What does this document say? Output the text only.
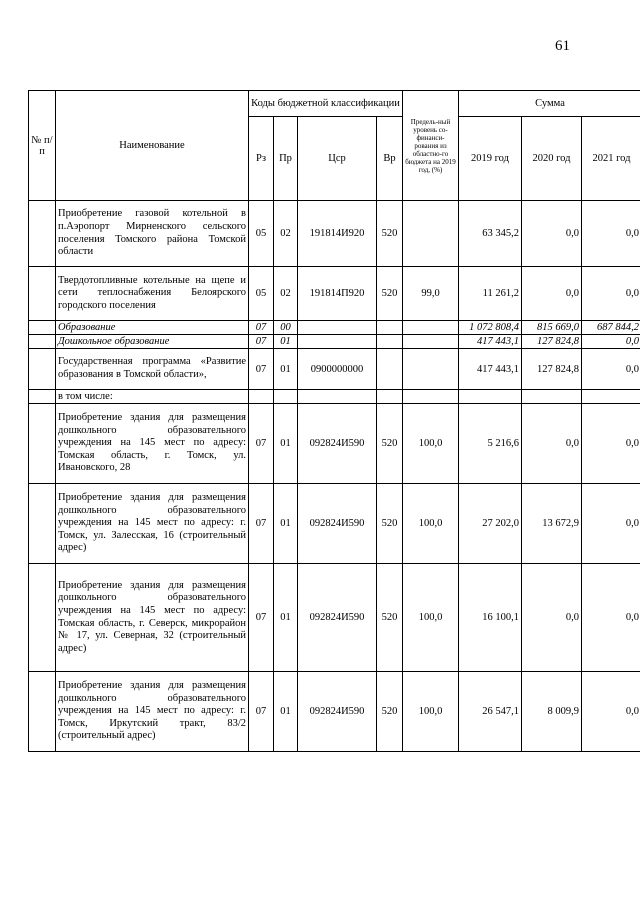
61
№ п/п	Наименование	Коды бюджетной классификации				Предель-ный уровень со-финанси-рования из областно-го бюджета на 2019 год, (%)	Сумма		
		Рз	Пр	Цср	Вр		2019 год	2020 год	2021 год
	Приобретение газовой котельной в п.Аэропорт Мирненского сельского поселения Томского района Томской области	05	02	191814И920	520		63 345,2	0,0	0,0
	Твердотопливные котельные на щепе и сети теплоснабжения Белоярского городского поселения	05	02	191814П920	520	99,0	11 261,2	0,0	0,0
	Образование	07	00				1 072 808,4	815 669,0	687 844,2
	Дошкольное образование	07	01				417 443,1	127 824,8	0,0
	Государственная программа «Развитие образования в Томской области»,	07	01	0900000000			417 443,1	127 824,8	0,0
	в том числе:								
	Приобретение здания для размещения дошкольного образовательного учреждения на 145 мест по адресу: Томская область, г. Томск, ул. Ивановского, 28	07	01	092824И590	520	100,0	5 216,6	0,0	0,0
	Приобретение здания для размещения дошкольного образовательного учреждения на 145 мест по адресу: г. Томск, ул. Залесская, 16 (строительный адрес)	07	01	092824И590	520	100,0	27 202,0	13 672,9	0,0
	Приобретение здания для размещения дошкольного образовательного учреждения на 145 мест по адресу: Томская область, г. Северск, микрорайон № 17, ул. Северная, 32 (строительный адрес)	07	01	092824И590	520	100,0	16 100,1	0,0	0,0
	Приобретение здания для размещения дошкольного образовательного учреждения на 145 мест по адресу: г. Томск, Иркутский тракт, 83/2 (строительный адрес)	07	01	092824И590	520	100,0	26 547,1	8 009,9	0,0
